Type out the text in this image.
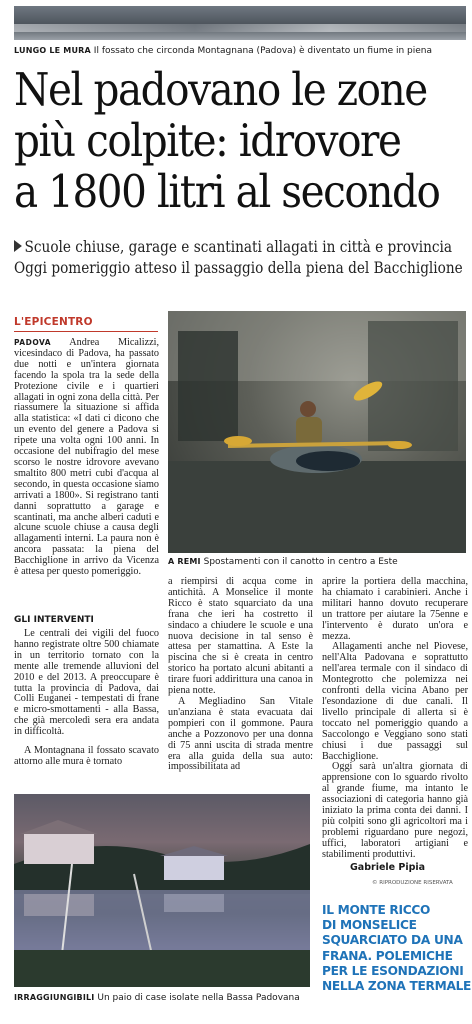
LUNGO LE MURA Il fossato che circonda Montagnana (Padova) è diventato un fiume in piena
Nel padovano le zone
più colpite: idrovore
a 1800 litri al secondo
Scuole chiuse, garage e scantinati allagati in città e provincia
Oggi pomeriggio atteso il passaggio della piena del Bacchiglione
L'EPICENTRO

PADOVA Andrea Micalizzi, vicesindaco di Padova, ha passato due notti e un'intera giornata facendo la spola tra la sede della Protezione civile e i quartieri allagati in ogni zona della città. Per riassumere la situazione si affida alla statistica: «I dati ci dicono che un evento del genere a Padova si ripete una volta ogni 100 anni. In occasione del nubifragio del mese scorso le nostre idrovore avevano smaltito 800 metri cubi d'acqua al secondo, in questa occasione siamo arrivati a 1800». Si registrano tanti danni soprattutto a garage e scantinati, ma anche alberi caduti e alcune scuole chiuse a causa degli allagamenti interni. La paura non è ancora passata: la piena del Bacchiglione in arrivo da Vicenza è attesa per questo pomeriggio.

GLI INTERVENTI

Le centrali dei vigili del fuoco hanno registrate oltre 500 chiamate in un territorio tornato con la mente alle tremende alluvioni del 2010 e del 2013. A preoccupare è tutta la provincia di Padova, dai Colli Euganei - tempestati di frane e micro-smottamenti - alla Bassa, che già mercoledì sera era andata in difficoltà.

A Montagnana il fossato scavato attorno alle mura è tornato

A REMI Spostamenti con il canotto in centro a Este

a riempirsi di acqua come in antichità. A Monselice il monte Ricco è stato squarciato da una frana che ieri ha costretto il sindaco a chiudere le scuole e una nuova decisione in tal senso è attesa per stamattina. A Este la piscina che si è creata in centro storico ha portato alcuni abitanti a tirare fuori addirittura una canoa in piena notte.

A Megliadino San Vitale un'anziana è stata evacuata dai pompieri con il gommone. Paura anche a Pozzonovo per una donna di 75 anni uscita di strada mentre era alla guida della sua auto: impossibilitata ad

aprire la portiera della macchina, ha chiamato i carabinieri. Anche i militari hanno dovuto recuperare un trattore per aiutare la 75enne e l'intervento è durato un'ora e mezza.

Allagamenti anche nel Piovese, nell'Alta Padovana e soprattutto nell'area termale con il sindaco di Montegrotto che polemizza nei confronti della vicina Abano per l'esondazione di due canali. Il livello principale di allerta si è toccato nel pomeriggio quando a Saccolongo e Veggiano sono stati chiusi i due passaggi sul Bacchiglione.

Oggi sarà un'altra giornata di apprensione con lo sguardo rivolto al grande fiume, ma intanto le associazioni di categoria hanno già iniziato la prima conta dei danni. I più colpiti sono gli agricoltori ma i problemi riguardano pure negozi, uffici, laboratori artigiani e stabilimenti produttivi.

Gabriele Pipia
© RIPRODUZIONE RISERVATA
IRRAGGIUNGIBILI Un paio di case isolate nella Bassa Padovana
IL MONTE RICCO
DI MONSELICE
SQUARCIATO DA UNA
FRANA. POLEMICHE
PER LE ESONDAZIONI
NELLA ZONA TERMALE
